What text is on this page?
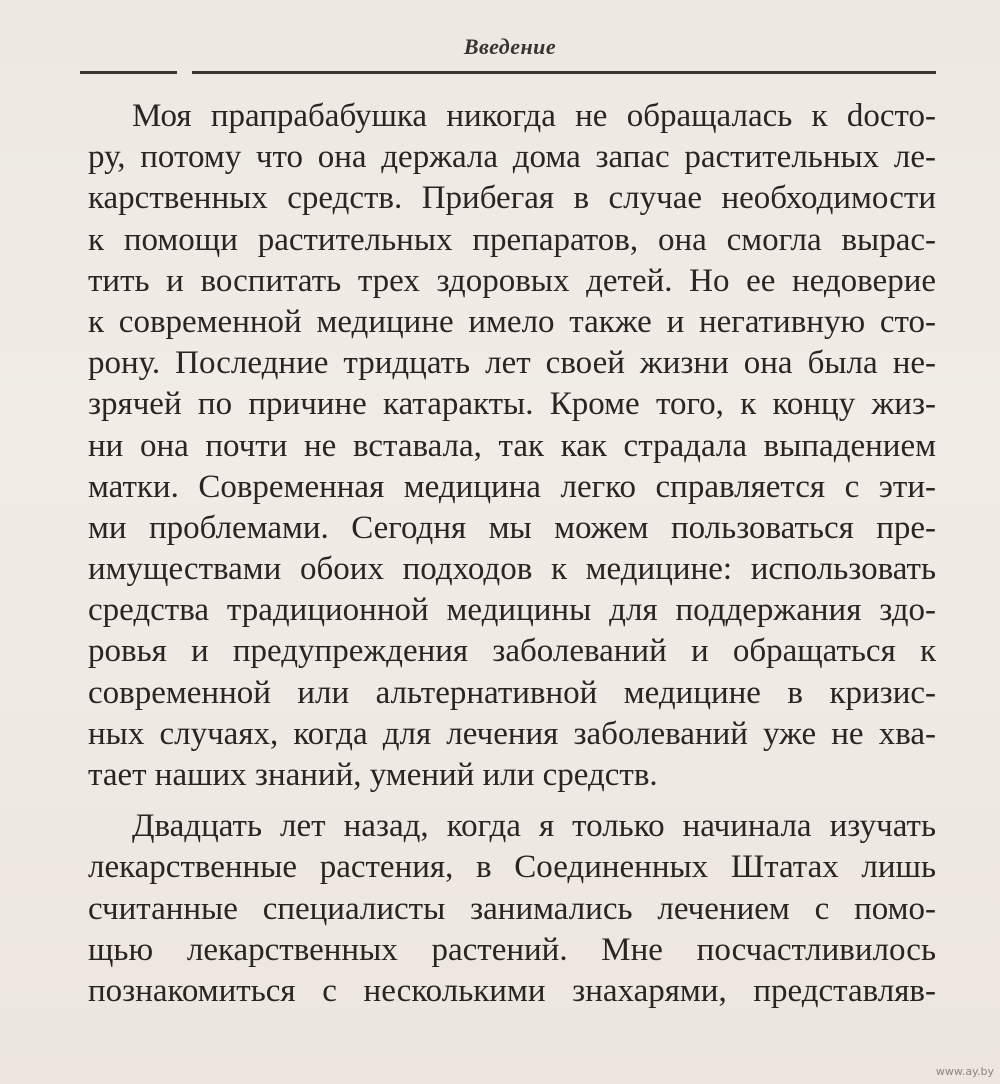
Введение
Моя прапрабабушка никогда не обращалась к docто-
ру, потому что она держала дома запас растительных ле-
карственных средств. Прибегая в случае необходимости
к помощи растительных препаратов, она смогла вырас-
тить и воспитать трех здоровых детей. Но ее недоверие
к современной медицине имело также и негативную сто-
рону. Последние тридцать лет своей жизни она была не-
зрячей по причине катаракты. Кроме того, к концу жиз-
ни она почти не вставала, так как страдала выпадением
матки. Современная медицина легко справляется с эти-
ми проблемами. Сегодня мы можем пользоваться пре-
имуществами обоих подходов к медицине: использовать
средства традиционной медицины для поддержания здо-
ровья и предупреждения заболеваний и обращаться к
современной или альтернативной медицине в кризис-
ных случаях, когда для лечения заболеваний уже не хва-
тает наших знаний, умений или средств.
Двадцать лет назад, когда я только начинала изучать
лекарственные растения, в Соединенных Штатах лишь
считанные специалисты занимались лечением с помо-
щью лекарственных растений. Мне посчастливилось
познакомиться с несколькими знахарями, представляв-
www.ay.by
